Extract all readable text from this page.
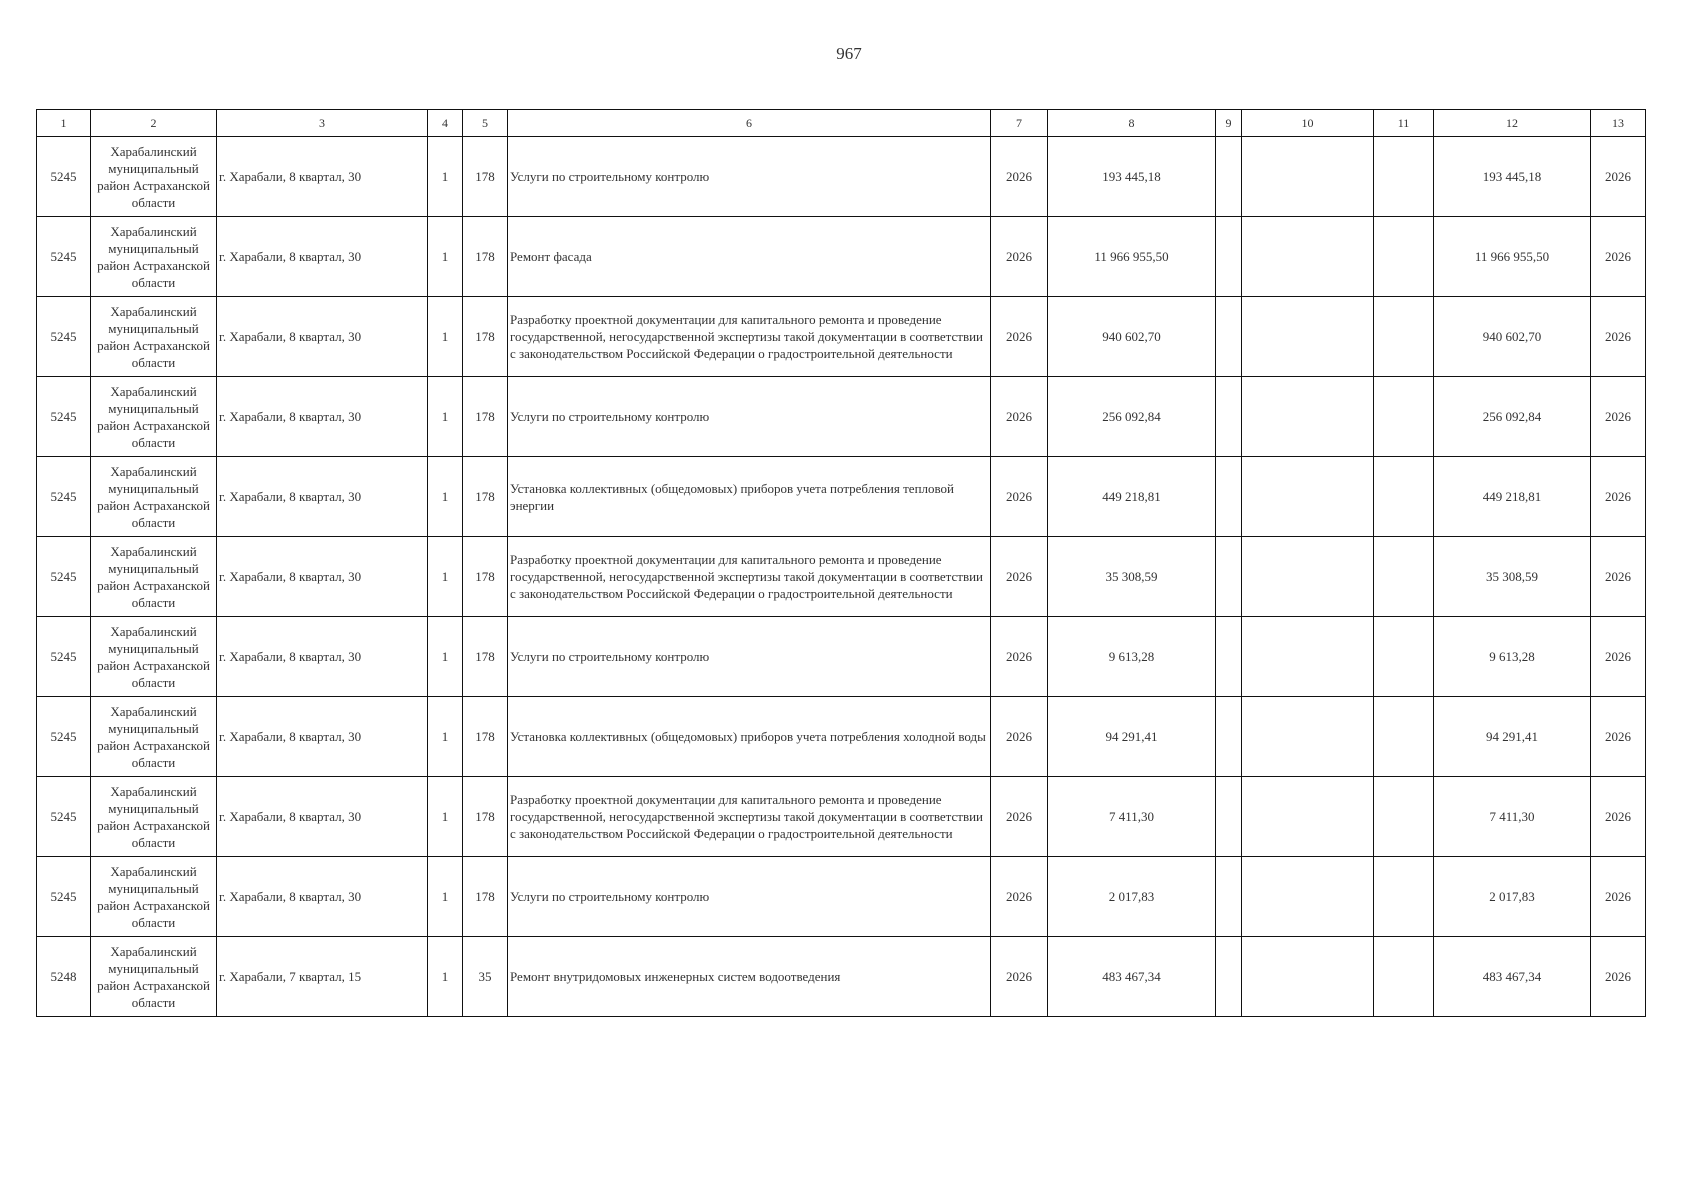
967
1	2	3	4	5	6	7	8	9	10	11	12	13
5245	Харабалинский муниципальный район Астраханской области	г. Харабали, 8 квартал, 30	1	178	Услуги по строительному контролю	2026	193 445,18				193 445,18	2026
5245	Харабалинский муниципальный район Астраханской области	г. Харабали, 8 квартал, 30	1	178	Ремонт фасада	2026	11 966 955,50				11 966 955,50	2026
5245	Харабалинский муниципальный район Астраханской области	г. Харабали, 8 квартал, 30	1	178	Разработку проектной документации для капитального ремонта и проведение государственной, негосударственной экспертизы такой документации в соответствии с законодательством Российской Федерации о градостроительной деятельности	2026	940 602,70				940 602,70	2026
5245	Харабалинский муниципальный район Астраханской области	г. Харабали, 8 квартал, 30	1	178	Услуги по строительному контролю	2026	256 092,84				256 092,84	2026
5245	Харабалинский муниципальный район Астраханской области	г. Харабали, 8 квартал, 30	1	178	Установка коллективных (общедомовых) приборов учета потребления тепловой энергии	2026	449 218,81				449 218,81	2026
5245	Харабалинский муниципальный район Астраханской области	г. Харабали, 8 квартал, 30	1	178	Разработку проектной документации для капитального ремонта и проведение государственной, негосударственной экспертизы такой документации в соответствии с законодательством Российской Федерации о градостроительной деятельности	2026	35 308,59				35 308,59	2026
5245	Харабалинский муниципальный район Астраханской области	г. Харабали, 8 квартал, 30	1	178	Услуги по строительному контролю	2026	9 613,28				9 613,28	2026
5245	Харабалинский муниципальный район Астраханской области	г. Харабали, 8 квартал, 30	1	178	Установка коллективных (общедомовых) приборов учета потребления холодной воды	2026	94 291,41				94 291,41	2026
5245	Харабалинский муниципальный район Астраханской области	г. Харабали, 8 квартал, 30	1	178	Разработку проектной документации для капитального ремонта и проведение государственной, негосударственной экспертизы такой документации в соответствии с законодательством Российской Федерации о градостроительной деятельности	2026	7 411,30				7 411,30	2026
5245	Харабалинский муниципальный район Астраханской области	г. Харабали, 8 квартал, 30	1	178	Услуги по строительному контролю	2026	2 017,83				2 017,83	2026
5248	Харабалинский муниципальный район Астраханской области	г. Харабали, 7 квартал, 15	1	35	Ремонт внутридомовых инженерных систем водоотведения	2026	483 467,34				483 467,34	2026
